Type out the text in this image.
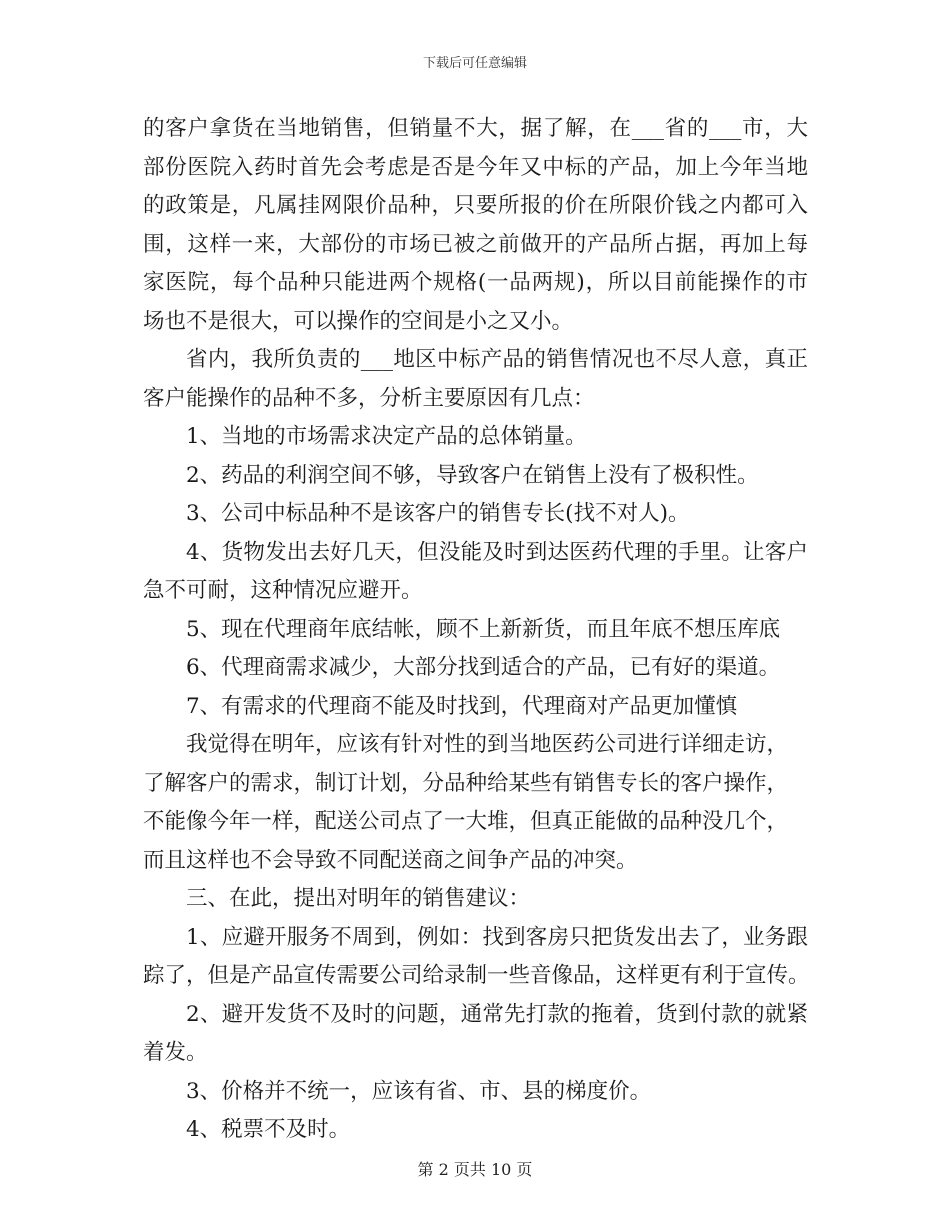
下载后可任意编辑
的客户拿货在当地销售，但销量不大，据了解，在___省的___市，大
部份医院入药时首先会考虑是否是今年又中标的产品，加上今年当地
的政策是，凡属挂网限价品种，只要所报的价在所限价钱之内都可入
围，这样一来，大部份的市场已被之前做开的产品所占据，再加上每
家医院，每个品种只能进两个规格(一品两规)，所以目前能操作的市
场也不是很大，可以操作的空间是小之又小。
省内，我所负责的___地区中标产品的销售情况也不尽人意，真正
客户能操作的品种不多，分析主要原因有几点：
1、当地的市场需求决定产品的总体销量。
2、药品的利润空间不够，导致客户在销售上没有了极积性。
3、公司中标品种不是该客户的销售专长(找不对人)。
4、货物发出去好几天，但没能及时到达医药代理的手里。让客户
急不可耐，这种情况应避开。
5、现在代理商年底结帐，顾不上新新货，而且年底不想压库底
6、代理商需求减少，大部分找到适合的产品，已有好的渠道。
7、有需求的代理商不能及时找到，代理商对产品更加懂慎
我觉得在明年，应该有针对性的到当地医药公司进行详细走访，
了解客户的需求，制订计划，分品种给某些有销售专长的客户操作，
不能像今年一样，配送公司点了一大堆，但真正能做的品种没几个，
而且这样也不会导致不同配送商之间争产品的冲突。
三、在此，提出对明年的销售建议：
1、应避开服务不周到，例如：找到客房只把货发出去了，业务跟
踪了，但是产品宣传需要公司给录制一些音像品，这样更有利于宣传。
2、避开发货不及时的问题，通常先打款的拖着，货到付款的就紧
着发。
3、价格并不统一，应该有省、市、县的梯度价。
4、税票不及时。
第 2 页共 10 页
